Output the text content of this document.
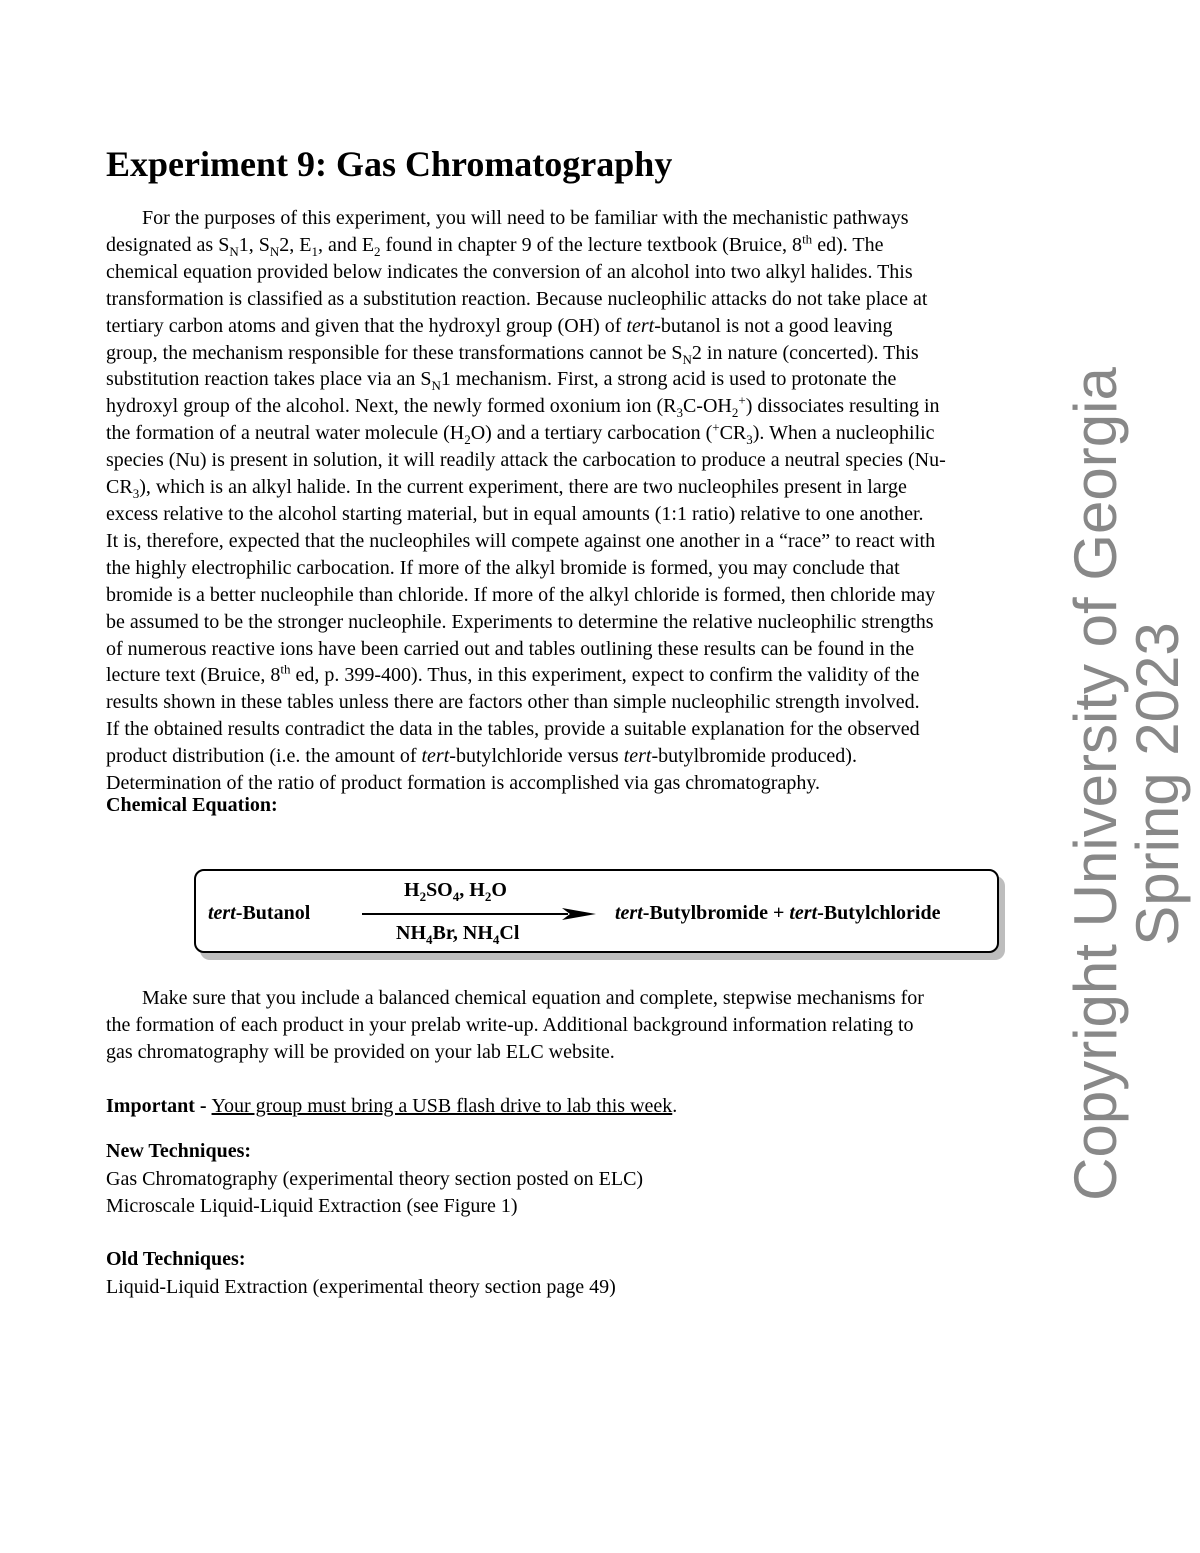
Experiment 9: Gas Chromatography
For the purposes of this experiment, you will need to be familiar with the mechanistic pathways
designated as $S_N1$, $S_N2$, $E_1$, and $E_2$ found in chapter 9 of the lecture textbook (Bruice, 8th ed). The
chemical equation provided below indicates the conversion of an alcohol into two alkyl halides. This
transformation is classified as a substitution reaction. Because nucleophilic attacks do not take place at
tertiary carbon atoms and given that the hydroxyl group (OH) of tert-butanol is not a good leaving
group, the mechanism responsible for these transformations cannot be $S_N2$ in nature (concerted). This
substitution reaction takes place via an $S_N1$ mechanism. First, a strong acid is used to protonate the
hydroxyl group of the alcohol. Next, the newly formed oxonium ion $(R_3C-OH_2^+)$ dissociates resulting in
the formation of a neutral water molecule $(H_2O)$ and a tertiary carbocation $(^+CR_3)$. When a nucleophilic
species (Nu) is present in solution, it will readily attack the carbocation to produce a neutral species (Nu-
$CR_3$), which is an alkyl halide. In the current experiment, there are two nucleophiles present in large
excess relative to the alcohol starting material, but in equal amounts (1:1 ratio) relative to one another.
It is, therefore, expected that the nucleophiles will compete against one another in a “race” to react with
the highly electrophilic carbocation. If more of the alkyl bromide is formed, you may conclude that
bromide is a better nucleophile than chloride. If more of the alkyl chloride is formed, then chloride may
be assumed to be the stronger nucleophile. Experiments to determine the relative nucleophilic strengths
of numerous reactive ions have been carried out and tables outlining these results can be found in the
lecture text (Bruice, 8th ed, p. 399-400). Thus, in this experiment, expect to confirm the validity of the
results shown in these tables unless there are factors other than simple nucleophilic strength involved.
If the obtained results contradict the data in the tables, provide a suitable explanation for the observed
product distribution (i.e. the amount of tert-butylchloride versus tert-butylbromide produced).
Determination of the ratio of product formation is accomplished via gas chromatography.
Chemical Equation:
tert-Butanol
$H_2SO_4$, $H_2O$
$NH_4Br$, $NH_4Cl$
tert-Butylbromide + tert-Butylchloride
Make sure that you include a balanced chemical equation and complete, stepwise mechanisms for
the formation of each product in your prelab write-up. Additional background information relating to
gas chromatography will be provided on your lab ELC website.
Important - Your group must bring a USB flash drive to lab this week.
New Techniques:
Gas Chromatography (experimental theory section posted on ELC)
Microscale Liquid-Liquid Extraction (see Figure 1)
Old Techniques:
Liquid-Liquid Extraction (experimental theory section page 49)
Copyright University of Georgia
Spring 2023
